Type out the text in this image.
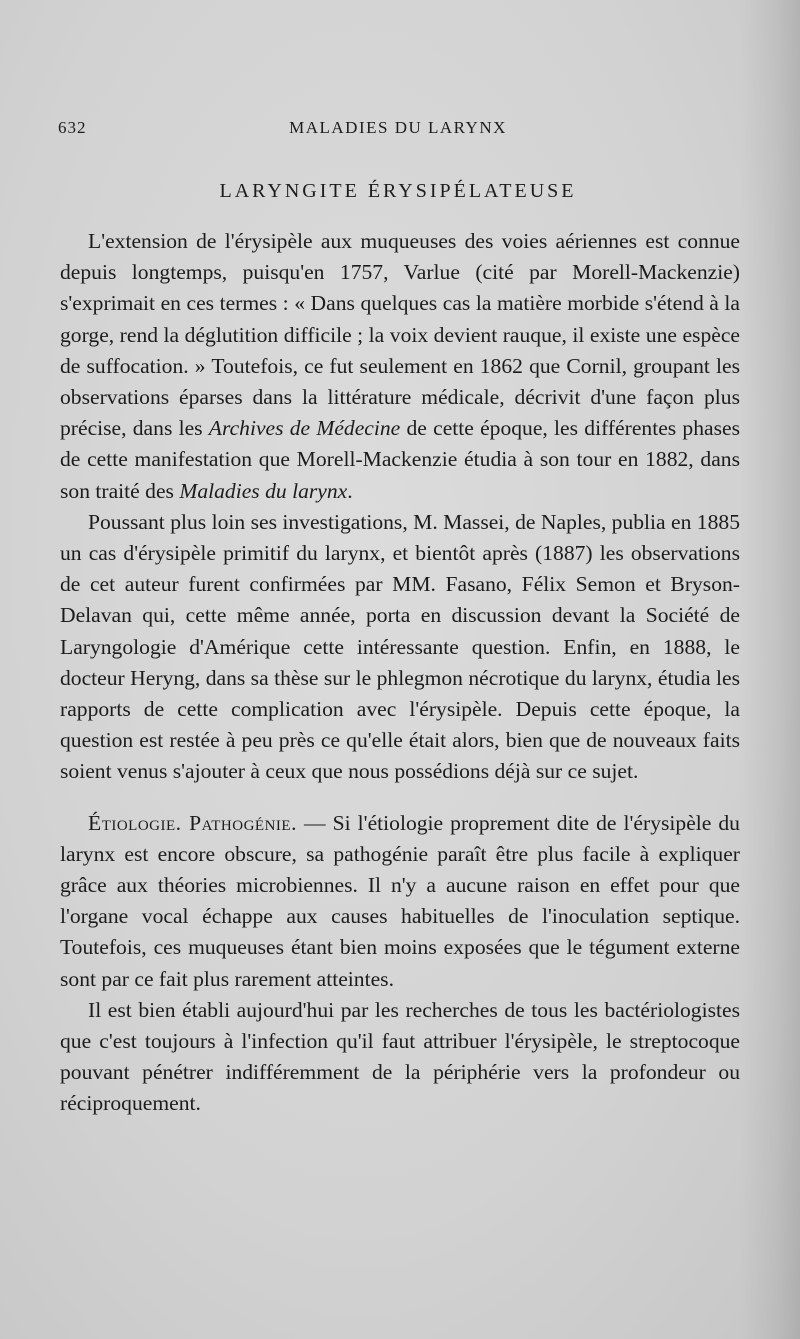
632	MALADIES DU LARYNX
LARYNGITE ÉRYSIPÉLATEUSE

L'extension de l'érysipèle aux muqueuses des voies aériennes est connue depuis longtemps, puisqu'en 1757, Varlue (cité par Morell-Mackenzie) s'exprimait en ces termes : « Dans quelques cas la matière morbide s'étend à la gorge, rend la déglutition difficile ; la voix devient rauque, il existe une espèce de suffocation. » Toutefois, ce fut seulement en 1862 que Cornil, groupant les observations éparses dans la littérature médicale, décrivit d'une façon plus précise, dans les Archives de Médecine de cette époque, les différentes phases de cette manifestation que Morell-Mackenzie étudia à son tour en 1882, dans son traité des Maladies du larynx.

Poussant plus loin ses investigations, M. Massei, de Naples, publia en 1885 un cas d'érysipèle primitif du larynx, et bientôt après (1887) les observations de cet auteur furent confirmées par MM. Fasano, Félix Semon et Bryson-Delavan qui, cette même année, porta en discussion devant la Société de Laryngologie d'Amérique cette intéressante question. Enfin, en 1888, le docteur Heryng, dans sa thèse sur le phlegmon nécrotique du larynx, étudia les rapports de cette complication avec l'érysipèle. Depuis cette époque, la question est restée à peu près ce qu'elle était alors, bien que de nouveaux faits soient venus s'ajouter à ceux que nous possédions déjà sur ce sujet.

Étiologie. Pathogénie. — Si l'étiologie proprement dite de l'érysipèle du larynx est encore obscure, sa pathogénie paraît être plus facile à expliquer grâce aux théories microbiennes. Il n'y a aucune raison en effet pour que l'organe vocal échappe aux causes habituelles de l'inoculation septique. Toutefois, ces muqueuses étant bien moins exposées que le tégument externe sont par ce fait plus rarement atteintes.

Il est bien établi aujourd'hui par les recherches de tous les bactériologistes que c'est toujours à l'infection qu'il faut attribuer l'érysipèle, le streptocoque pouvant pénétrer indifféremment de la périphérie vers la profondeur ou réciproquement.
